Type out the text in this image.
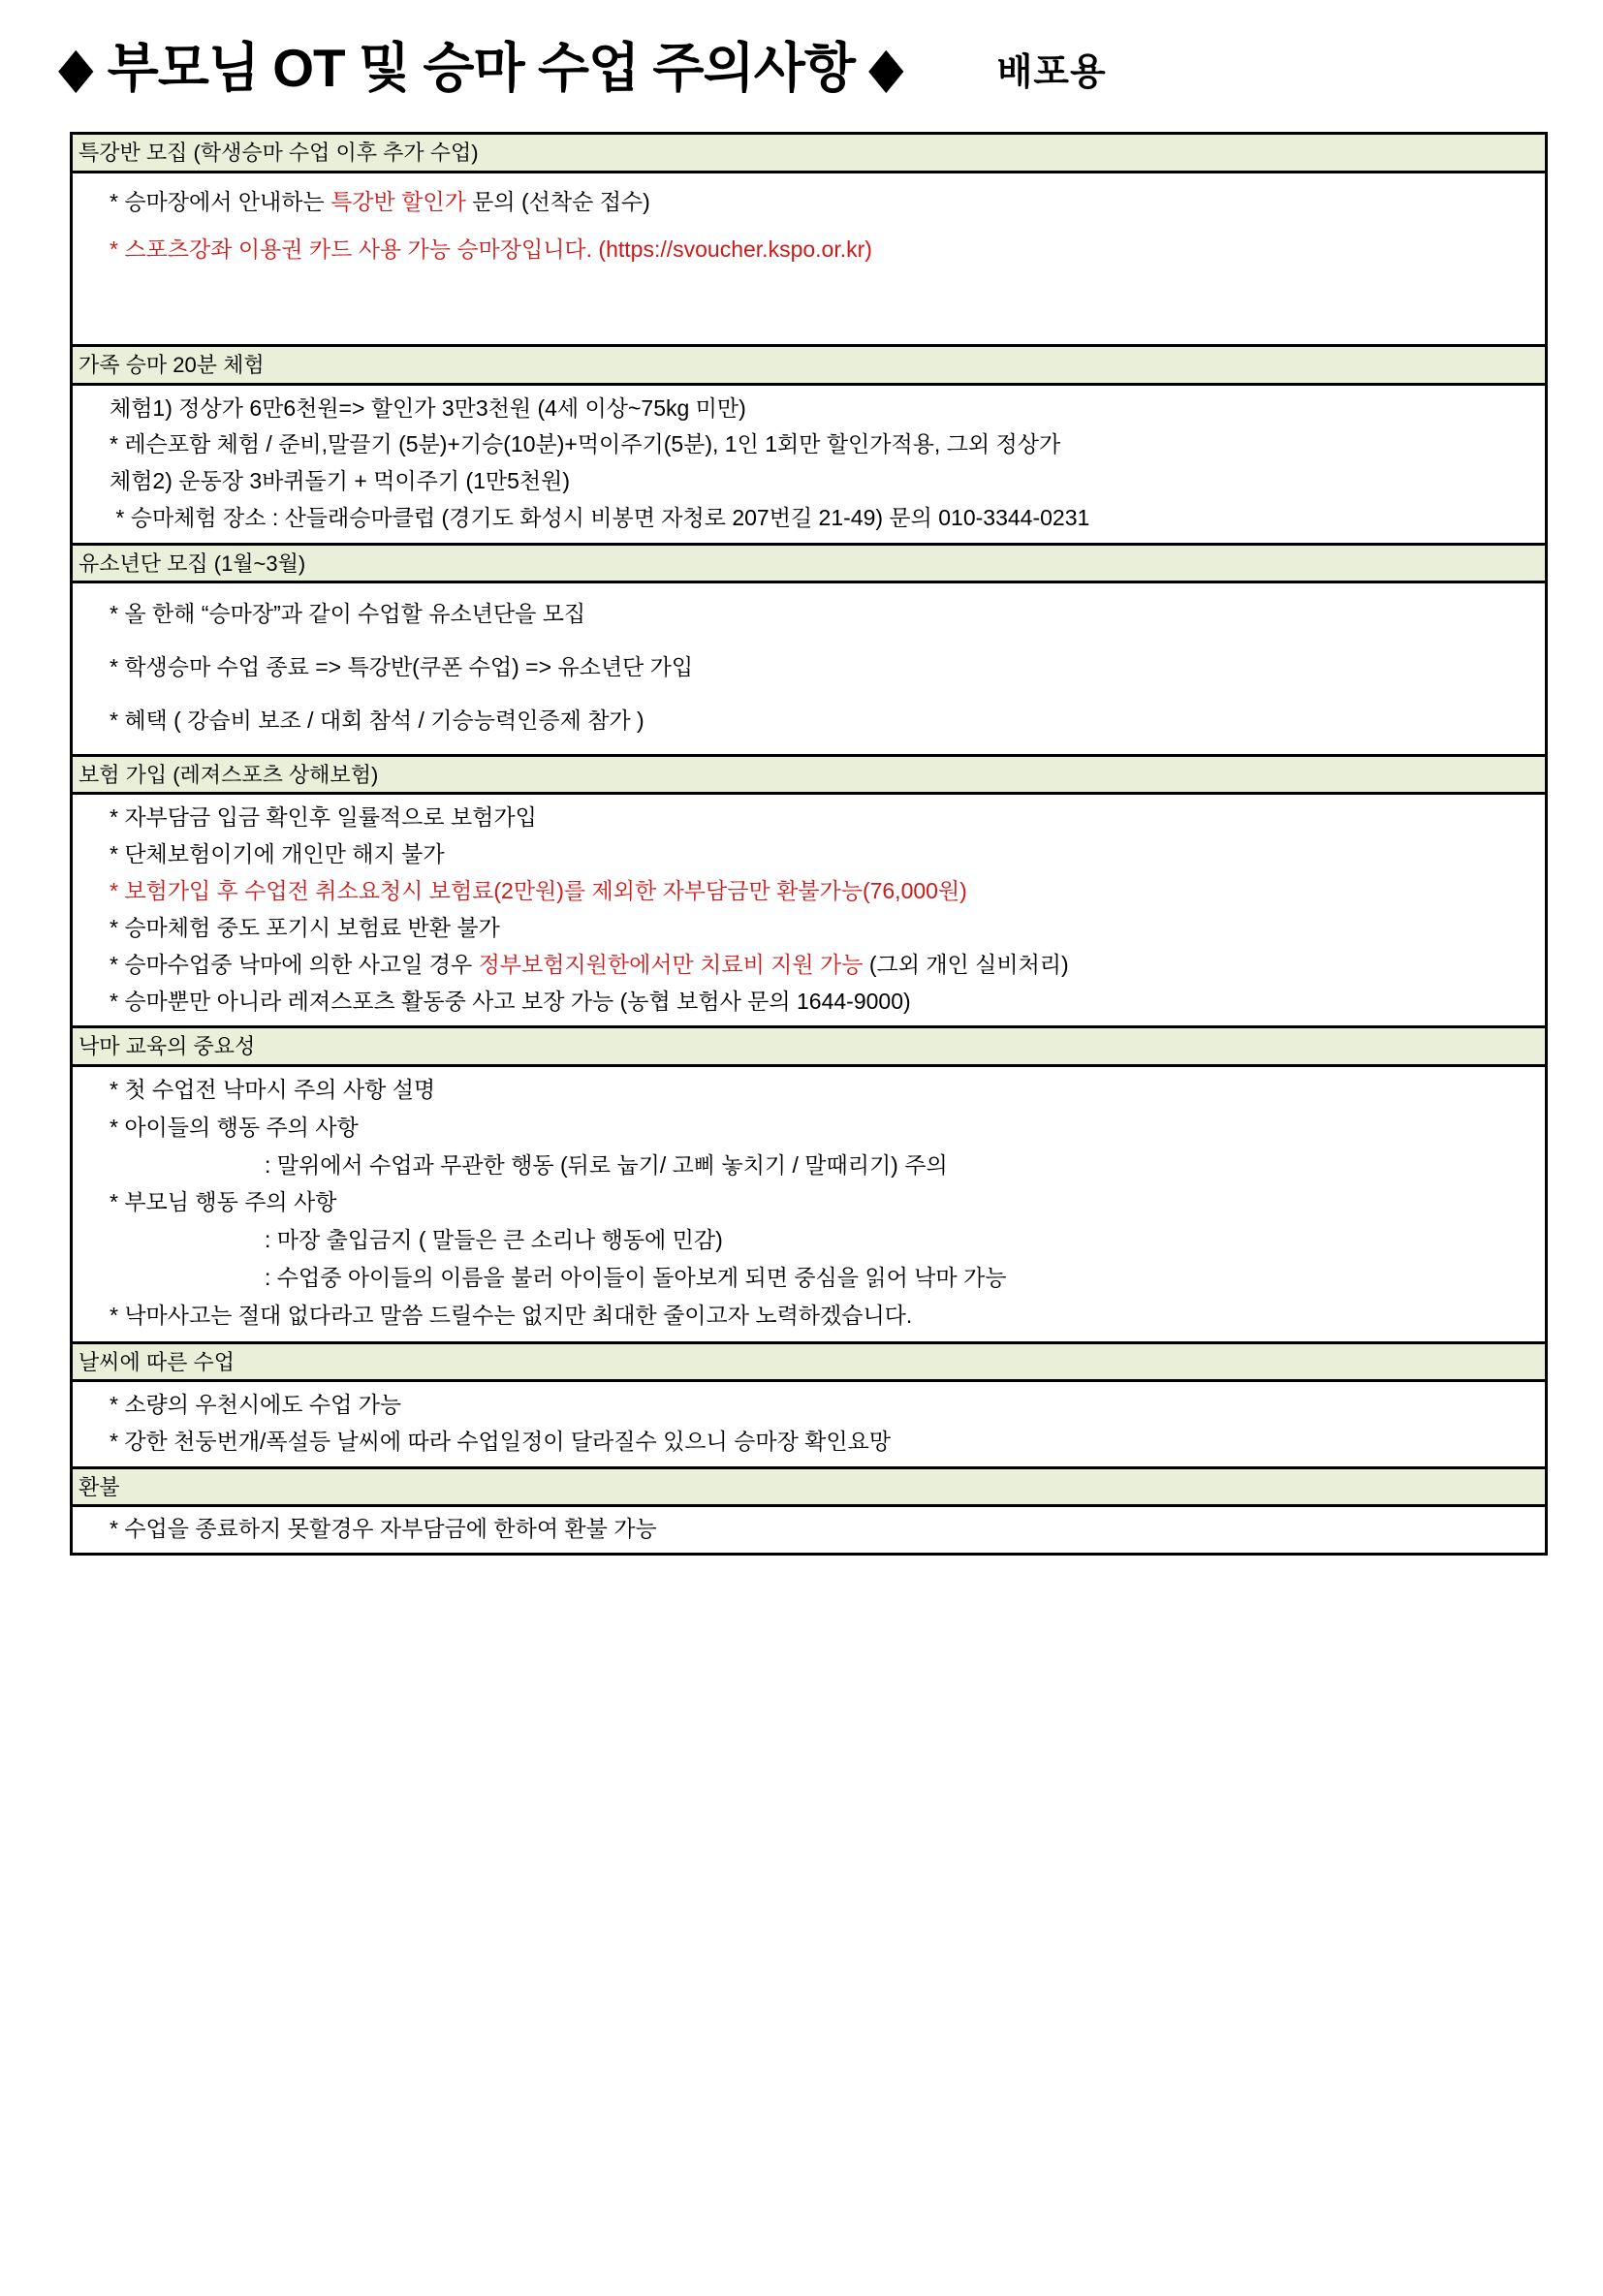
◆ 부모님 OT 및 승마 수업 주의사항 ◆	배포용
특강반 모집 (학생승마 수업 이후 추가 수업)
* 승마장에서 안내하는 특강반 할인가 문의 (선착순 접수)
* 스포츠강좌 이용권 카드 사용 가능 승마장입니다. (https://svoucher.kspo.or.kr)
가족 승마 20분 체험
체험1) 정상가 6만6천원=> 할인가 3만3천원 (4세 이상~75kg 미만)
* 레슨포함 체험 / 준비,말끌기 (5분)+기승(10분)+먹이주기(5분), 1인 1회만 할인가적용, 그외 정상가
체험2) 운동장 3바퀴돌기 + 먹이주기 (1만5천원)
* 승마체험 장소 : 산들래승마클럽 (경기도 화성시 비봉면 자청로 207번길 21-49) 문의 010-3344-0231
유소년단 모집 (1월~3월)
* 올 한해 “승마장”과 같이 수업할 유소년단을 모집
* 학생승마 수업 종료 => 특강반(쿠폰 수업) => 유소년단 가입
* 혜택 ( 강습비 보조 / 대회 참석 / 기승능력인증제 참가 )
보험 가입 (레져스포츠 상해보험)
* 자부담금 입금 확인후 일률적으로 보험가입
* 단체보험이기에 개인만 해지 불가
* 보험가입 후 수업전 취소요청시 보험료(2만원)를 제외한 자부담금만 환불가능(76,000원)
* 승마체험 중도 포기시 보험료 반환 불가
* 승마수업중 낙마에 의한 사고일 경우 정부보험지원한에서만 치료비 지원 가능 (그외 개인 실비처리)
* 승마뿐만 아니라 레져스포츠 활동중 사고 보장 가능 (농협 보험사 문의 1644-9000)
낙마 교육의 중요성
* 첫 수업전 낙마시 주의 사항 설명
* 아이들의 행동 주의 사항
: 말위에서 수업과 무관한 행동 (뒤로 눕기/ 고삐 놓치기 / 말때리기) 주의
* 부모님 행동 주의 사항
: 마장 출입금지 ( 말들은 큰 소리나 행동에 민감)
: 수업중 아이들의 이름을 불러 아이들이 돌아보게 되면 중심을 읽어 낙마 가능
* 낙마사고는 절대 없다라고 말씀 드릴수는 없지만 최대한 줄이고자 노력하겠습니다.
날씨에 따른 수업
* 소량의 우천시에도 수업 가능
* 강한 천둥번개/폭설등 날씨에 따라 수업일정이 달라질수 있으니 승마장 확인요망
환불
* 수업을 종료하지 못할경우 자부담금에 한하여 환불 가능
